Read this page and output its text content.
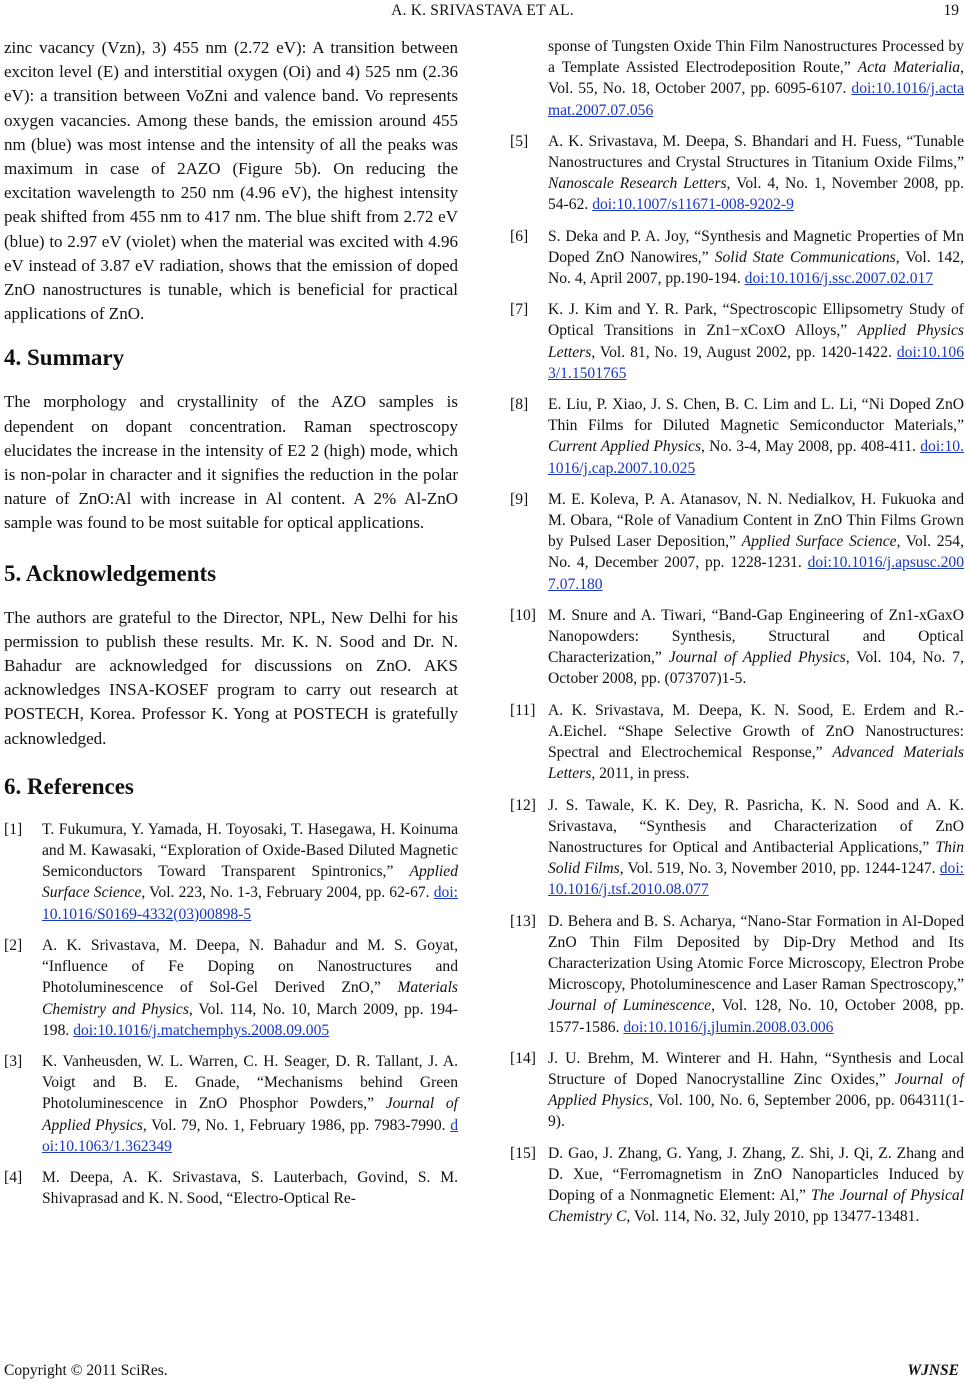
A. K. SRIVASTAVA ET AL.	19

zinc vacancy (Vzn), 3) 455 nm (2.72 eV): A transition between exciton level (E) and interstitial oxygen (Oi) and 4) 525 nm (2.36 eV): a transition between VoZni and valence band. Vo represents oxygen vacancies. Among these bands, the emission around 455 nm (blue) was most intense and the intensity of all the peaks was maximum in case of 2AZO (Figure 5b). On reducing the excitation wavelength to 250 nm (4.96 eV), the highest intensity peak shifted from 455 nm to 417 nm. The blue shift from 2.72 eV (blue) to 2.97 eV (violet) when the material was excited with 4.96 eV instead of 3.87 eV radiation, shows that the emission of doped ZnO nanostructures is tunable, which is beneficial for practical applications of ZnO.

4. Summary

The morphology and crystallinity of the AZO samples is dependent on dopant concentration. Raman spectroscopy elucidates the increase in the intensity of E2 2 (high) mode, which is non-polar in character and it signifies the reduction in the polar nature of ZnO:Al with increase in Al content. A 2% Al-ZnO sample was found to be most suitable for optical applications.

5. Acknowledgements

The authors are grateful to the Director, NPL, New Delhi for his permission to publish these results. Mr. K. N. Sood and Dr. N. Bahadur are acknowledged for discussions on ZnO. AKS acknowledges INSA-KOSEF program to carry out research at POSTECH, Korea. Professor K. Yong at POSTECH is gratefully acknowledged.

6. References
[1] T. Fukumura, Y. Yamada, H. Toyosaki, T. Hasegawa, H. Koinuma and M. Kawasaki, “Exploration of Oxide-Based Diluted Magnetic Semiconductors Toward Transparent Spintronics,” Applied Surface Science, Vol. 223, No. 1-3, February 2004, pp. 62-67. doi:10.1016/S0169-4332(03)00898-5
[2] A. K. Srivastava, M. Deepa, N. Bahadur and M. S. Goyat, “Influence of Fe Doping on Nanostructures and Photoluminescence of Sol-Gel Derived ZnO,” Materials Chemistry and Physics, Vol. 114, No. 10, March 2009, pp. 194-198. doi:10.1016/j.matchemphys.2008.09.005
[3] K. Vanheusden, W. L. Warren, C. H. Seager, D. R. Tallant, J. A. Voigt and B. E. Gnade, “Mechanisms behind Green Photoluminescence in ZnO Phosphor Powders,” Journal of Applied Physics, Vol. 79, No. 1, February 1986, pp. 7983-7990. doi:10.1063/1.362349
[4] M. Deepa, A. K. Srivastava, S. Lauterbach, Govind, S. M. Shivaprasad and K. N. Sood, “Electro-Optical Re-
sponse of Tungsten Oxide Thin Film Nanostructures Processed by a Template Assisted Electrodeposition Route,” Acta Materialia, Vol. 55, No. 18, October 2007, pp. 6095-6107. doi:10.1016/j.actamat.2007.07.056
[5] A. K. Srivastava, M. Deepa, S. Bhandari and H. Fuess, “Tunable Nanostructures and Crystal Structures in Titanium Oxide Films,” Nanoscale Research Letters, Vol. 4, No. 1, November 2008, pp. 54-62. doi:10.1007/s11671-008-9202-9
[6] S. Deka and P. A. Joy, “Synthesis and Magnetic Properties of Mn Doped ZnO Nanowires,” Solid State Communications, Vol. 142, No. 4, April 2007, pp.190-194. doi:10.1016/j.ssc.2007.02.017
[7] K. J. Kim and Y. R. Park, “Spectroscopic Ellipsometry Study of Optical Transitions in Zn1−xCoxO Alloys,” Applied Physics Letters, Vol. 81, No. 19, August 2002, pp. 1420-1422. doi:10.1063/1.1501765
[8] E. Liu, P. Xiao, J. S. Chen, B. C. Lim and L. Li, “Ni Doped ZnO Thin Films for Diluted Magnetic Semiconductor Materials,” Current Applied Physics, No. 3-4, May 2008, pp. 408-411. doi:10.1016/j.cap.2007.10.025
[9] M. E. Koleva, P. A. Atanasov, N. N. Nedialkov, H. Fukuoka and M. Obara, “Role of Vanadium Content in ZnO Thin Films Grown by Pulsed Laser Deposition,” Applied Surface Science, Vol. 254, No. 4, December 2007, pp. 1228-1231. doi:10.1016/j.apsusc.2007.07.180
[10] M. Snure and A. Tiwari, “Band-Gap Engineering of Zn1-xGaxO Nanopowders: Synthesis, Structural and Optical Characterization,” Journal of Applied Physics, Vol. 104, No. 7, October 2008, pp. (073707)1-5.
[11] A. K. Srivastava, M. Deepa, K. N. Sood, E. Erdem and R.-A.Eichel. “Shape Selective Growth of ZnO Nanostructures: Spectral and Electrochemical Response,” Advanced Materials Letters, 2011, in press.
[12] J. S. Tawale, K. K. Dey, R. Pasricha, K. N. Sood and A. K. Srivastava, “Synthesis and Characterization of ZnO Nanostructures for Optical and Antibacterial Applications,” Thin Solid Films, Vol. 519, No. 3, November 2010, pp. 1244-1247. doi:10.1016/j.tsf.2010.08.077
[13] D. Behera and B. S. Acharya, “Nano-Star Formation in Al-Doped ZnO Thin Film Deposited by Dip-Dry Method and Its Characterization Using Atomic Force Microscopy, Electron Probe Microscopy, Photoluminescence and Laser Raman Spectroscopy,” Journal of Luminescence, Vol. 128, No. 10, October 2008, pp. 1577-1586. doi:10.1016/j.jlumin.2008.03.006
[14] J. U. Brehm, M. Winterer and H. Hahn, “Synthesis and Local Structure of Doped Nanocrystalline Zinc Oxides,” Journal of Applied Physics, Vol. 100, No. 6, September 2006, pp. 064311(1-9).
[15] D. Gao, J. Zhang, G. Yang, J. Zhang, Z. Shi, J. Qi, Z. Zhang and D. Xue, “Ferromagnetism in ZnO Nanoparticles Induced by Doping of a Nonmagnetic Element: Al,” The Journal of Physical Chemistry C, Vol. 114, No. 32, July 2010, pp 13477-13481.
Copyright © 2011 SciRes.	WJNSE
